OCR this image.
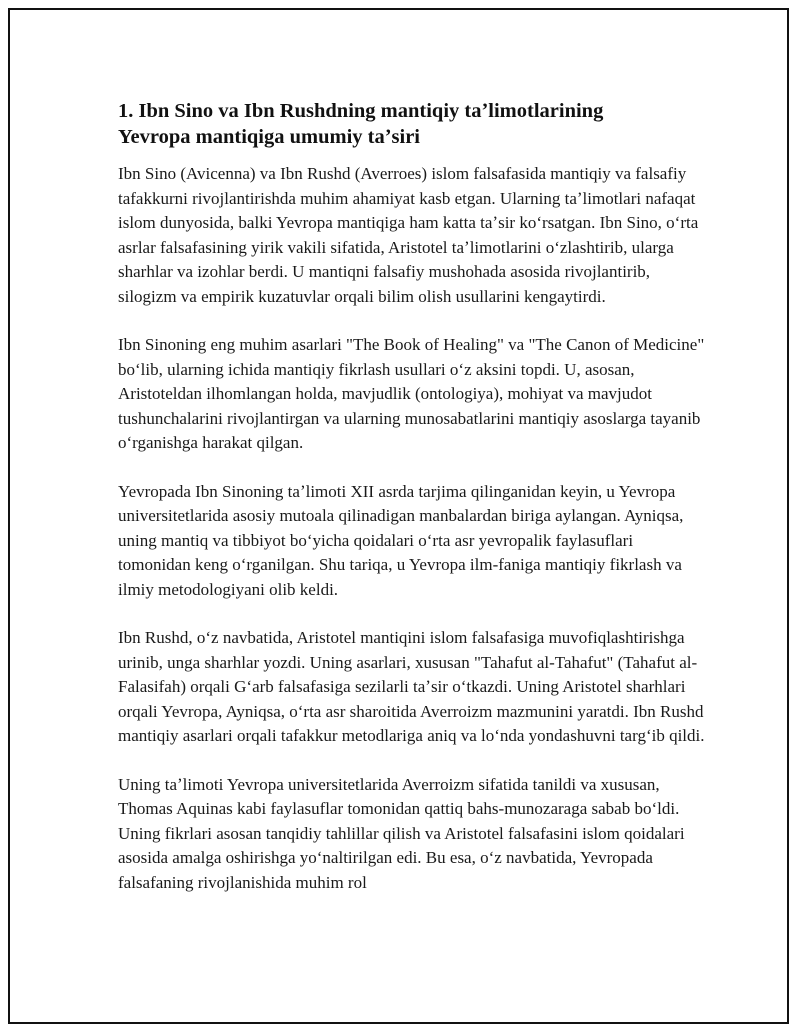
1. Ibn Sino va Ibn Rushdning mantiqiy taʼlimotlarining
Yevropa mantiqiga umumiy taʼsiri

Ibn Sino (Avicenna) va Ibn Rushd (Averroes) islom falsafasida mantiqiy va falsafiy tafakkurni rivojlantirishda muhim ahamiyat kasb etgan. Ularning taʼlimotlari nafaqat islom dunyosida, balki Yevropa mantiqiga ham katta taʼsir koʻrsatgan. Ibn Sino, oʻrta asrlar falsafasining yirik vakili sifatida, Aristotel taʼlimotlarini oʻzlashtirib, ularga sharhlar va izohlar berdi. U mantiqni falsafiy mushohada asosida rivojlantirib, silogizm va empirik kuzatuvlar orqali bilim olish usullarini kengaytirdi.

Ibn Sinoning eng muhim asarlari "The Book of Healing" va "The Canon of Medicine" boʻlib, ularning ichida mantiqiy fikrlash usullari oʻz aksini topdi. U, asosan, Aristoteldan ilhomlangan holda, mavjudlik (ontologiya), mohiyat va mavjudot tushunchalarini rivojlantirgan va ularning munosabatlarini mantiqiy asoslarga tayanib oʻrganishga harakat qilgan.

Yevropada Ibn Sinoning taʼlimoti XII asrda tarjima qilinganidan keyin, u Yevropa universitetlarida asosiy mutoala qilinadigan manbalardan biriga aylangan. Ayniqsa, uning mantiq va tibbiyot boʻyicha qoidalari oʻrta asr yevropalik faylasuflari tomonidan keng oʻrganilgan. Shu tariqa, u Yevropa ilm-faniga mantiqiy fikrlash va ilmiy metodologiyani olib keldi.

Ibn Rushd, oʻz navbatida, Aristotel mantiqini islom falsafasiga muvofiqlashtirishga urinib, unga sharhlar yozdi. Uning asarlari, xususan "Tahafut al-Tahafut" (Tahafut al-Falasifah) orqali Gʻarb falsafasiga sezilarli taʼsir oʻtkazdi. Uning Aristotel sharhlari orqali Yevropa, Ayniqsa, oʻrta asr sharoitida Averroizm mazmunini yaratdi. Ibn Rushd mantiqiy asarlari orqali tafakkur metodlariga aniq va loʻnda yondashuvni targʻib qildi.

Uning taʼlimoti Yevropa universitetlarida Averroizm sifatida tanildi va xususan, Thomas Aquinas kabi faylasuflar tomonidan qattiq bahs-munozaraga sabab boʻldi. Uning fikrlari asosan tanqidiy tahlillar qilish va Aristotel falsafasini islom qoidalari asosida amalga oshirishga yoʻnaltirilgan edi. Bu esa, oʻz navbatida, Yevropada falsafaning rivojlanishida muhim rol
